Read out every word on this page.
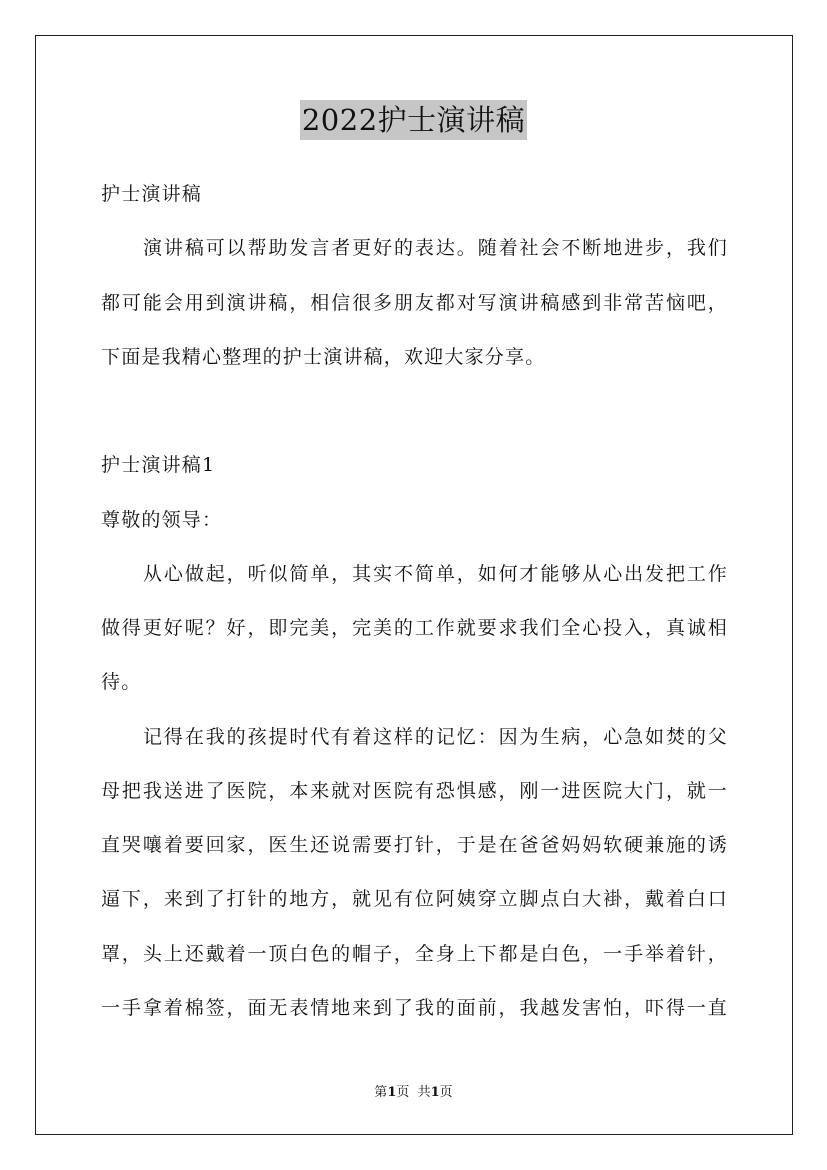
2022护士演讲稿
护士演讲稿
演讲稿可以帮助发言者更好的表达。随着社会不断地进步，我们
都可能会用到演讲稿，相信很多朋友都对写演讲稿感到非常苦恼吧，
下面是我精心整理的护士演讲稿，欢迎大家分享。
护士演讲稿1
尊敬的领导：
从心做起，听似简单，其实不简单，如何才能够从心出发把工作
做得更好呢？好，即完美，完美的工作就要求我们全心投入，真诚相
待。
记得在我的孩提时代有着这样的记忆：因为生病，心急如焚的父
母把我送进了医院，本来就对医院有恐惧感，刚一进医院大门，就一
直哭嚷着要回家，医生还说需要打针，于是在爸爸妈妈软硬兼施的诱
逼下，来到了打针的地方，就见有位阿姨穿立脚点白大褂，戴着白口
罩，头上还戴着一顶白色的帽子，全身上下都是白色，一手举着针，
一手拿着棉签，面无表情地来到了我的面前，我越发害怕，吓得一直
第1页  共1页
